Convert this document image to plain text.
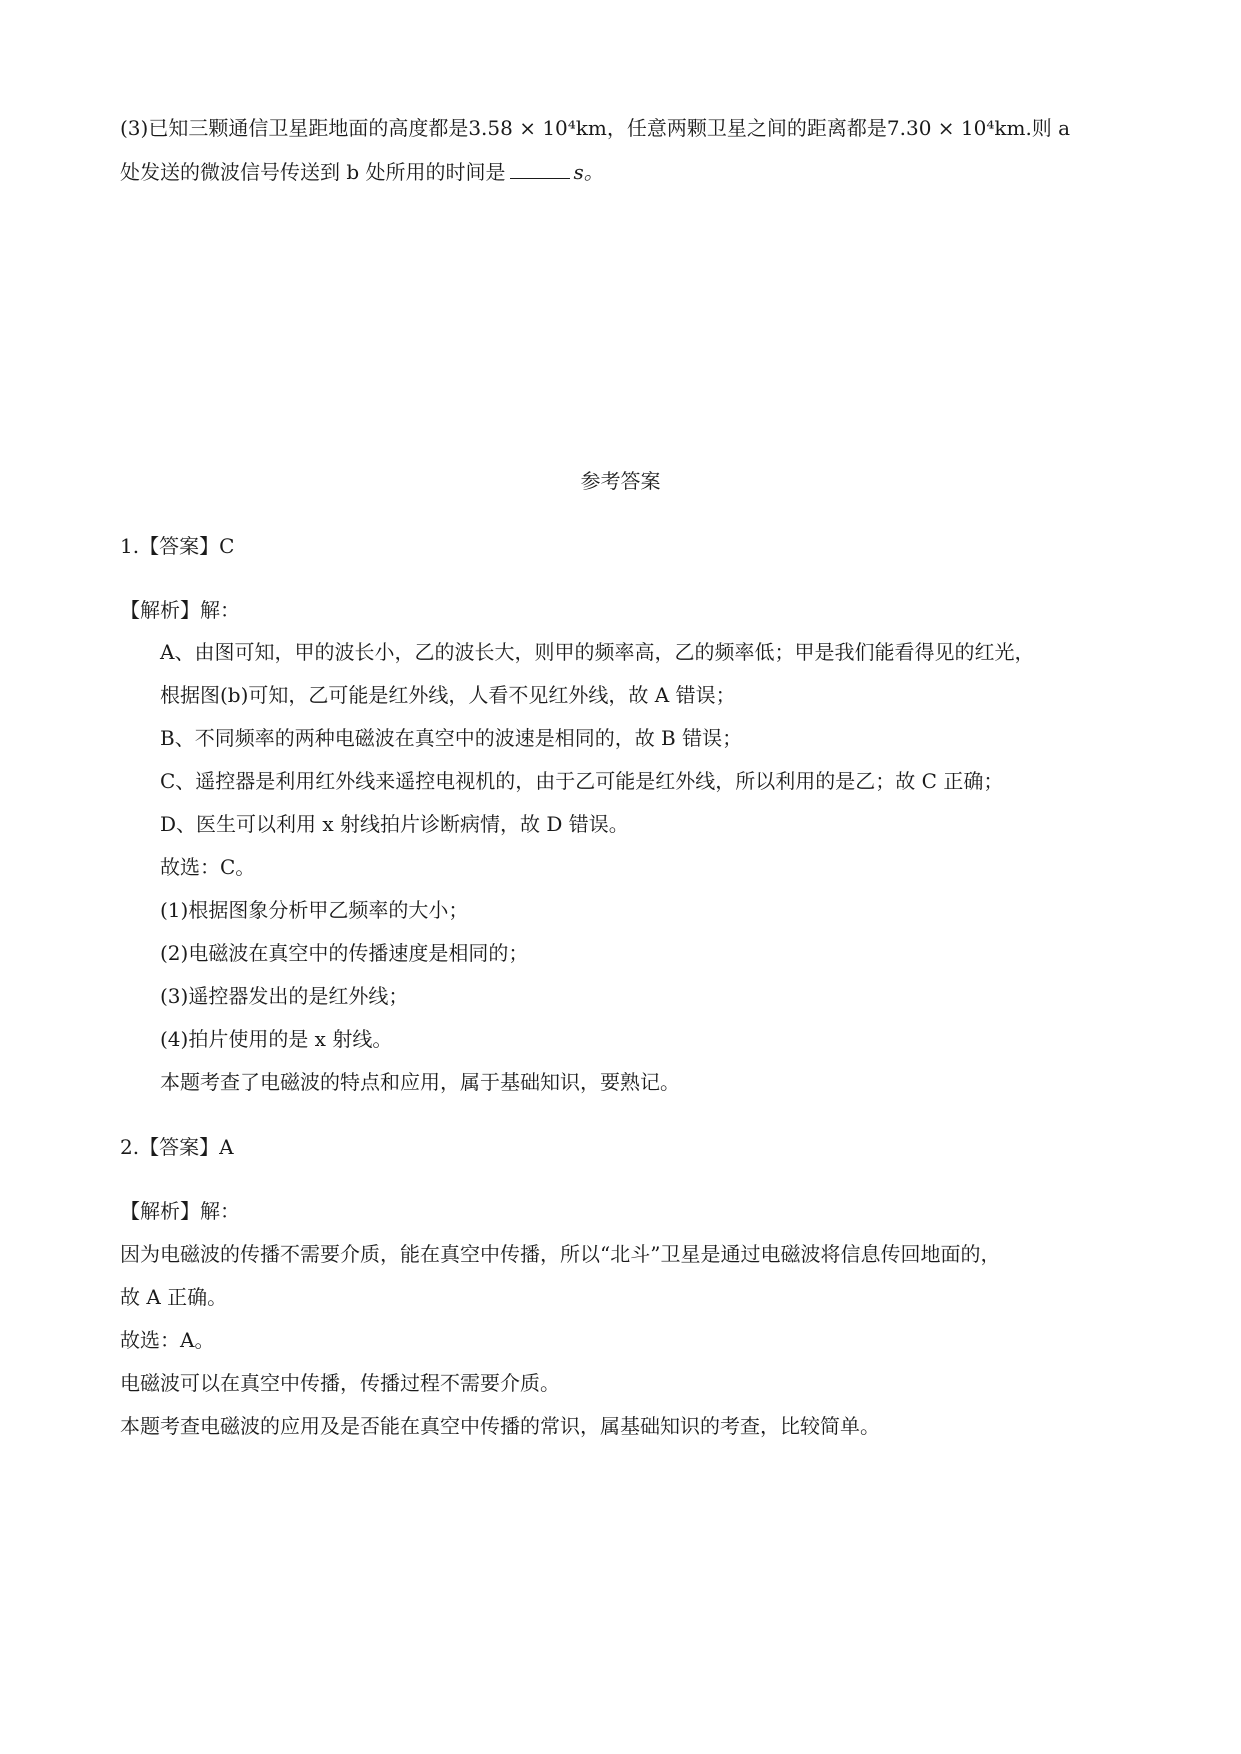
(3)已知三颗通信卫星距地面的高度都是3.58 × 10⁴km，任意两颗卫星之间的距离都是7.30 × 10⁴km.则 a
处发送的微波信号传送到 b 处所用的时间是	s。
参考答案
1.【答案】C
【解析】解：
A、由图可知，甲的波长小，乙的波长大，则甲的频率高，乙的频率低；甲是我们能看得见的红光，
根据图(b)可知，乙可能是红外线，人看不见红外线，故 A 错误；
B、不同频率的两种电磁波在真空中的波速是相同的，故 B 错误；
C、遥控器是利用红外线来遥控电视机的，由于乙可能是红外线，所以利用的是乙；故 C 正确；
D、医生可以利用 x 射线拍片诊断病情，故 D 错误。
故选：C。
(1)根据图象分析甲乙频率的大小；
(2)电磁波在真空中的传播速度是相同的；
(3)遥控器发出的是红外线；
(4)拍片使用的是 x 射线。
本题考查了电磁波的特点和应用，属于基础知识，要熟记。
2.【答案】A
【解析】解：
因为电磁波的传播不需要介质，能在真空中传播，所以“北斗”卫星是通过电磁波将信息传回地面的，
故 A 正确。
故选：A。
电磁波可以在真空中传播，传播过程不需要介质。
本题考查电磁波的应用及是否能在真空中传播的常识，属基础知识的考查，比较简单。
